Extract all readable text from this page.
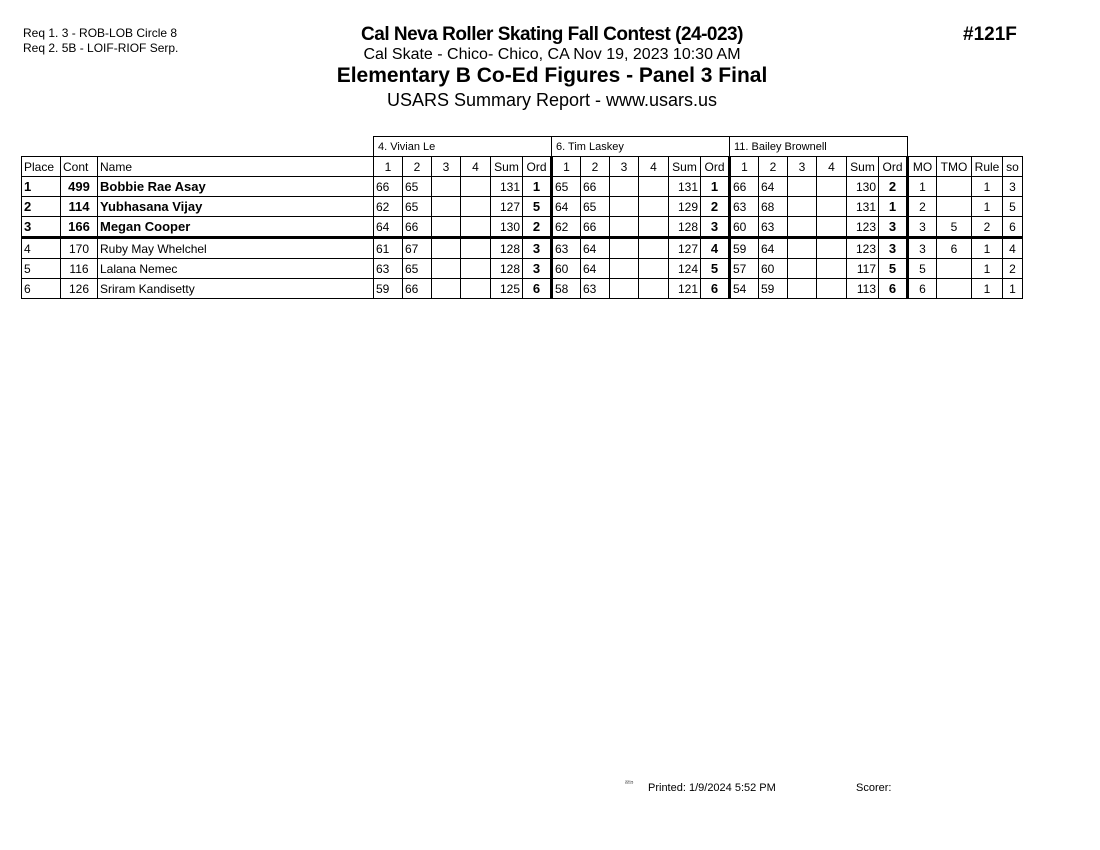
Req 1. 3 - ROB-LOB Circle 8
Req 2. 5B - LOIF-RIOF Serp.
Cal Neva Roller Skating Fall Contest (24-023)
Cal Skate - Chico- Chico, CA Nov 19, 2023 10:30 AM
Elementary B Co-Ed Figures - Panel 3 Final
USARS Summary Report - www.usars.us
#121F
			4. Vivian Le						6. Tim Laskey						11. Bailey Brownell									
Place	Cont	Name	1	2	3	4	Sum	Ord	1	2	3	4	Sum	Ord	1	2	3	4	Sum	Ord	MO	TMO	Rule	so
1	499	Bobbie Rae Asay	66	65			131	1	65	66			131	1	66	64			130	2	1		1	3
2	114	Yubhasana Vijay	62	65			127	5	64	65			129	2	63	68			131	1	2		1	5
3	166	Megan Cooper	64	66			130	2	62	66			128	3	60	63			123	3	3	5	2	6
4	170	Ruby May Whelchel	61	67			128	3	63	64			127	4	59	64			123	3	3	6	1	4
5	116	Lalana Nemec	63	65			128	3	60	64			124	5	57	60			117	5	5		1	2
6	126	Sriram Kandisetty	59	66			125	6	58	63			121	6	54	59			113	6	6		1	1
²²¹⁵ Printed: 1/9/2024 5:52 PM	Scorer:
